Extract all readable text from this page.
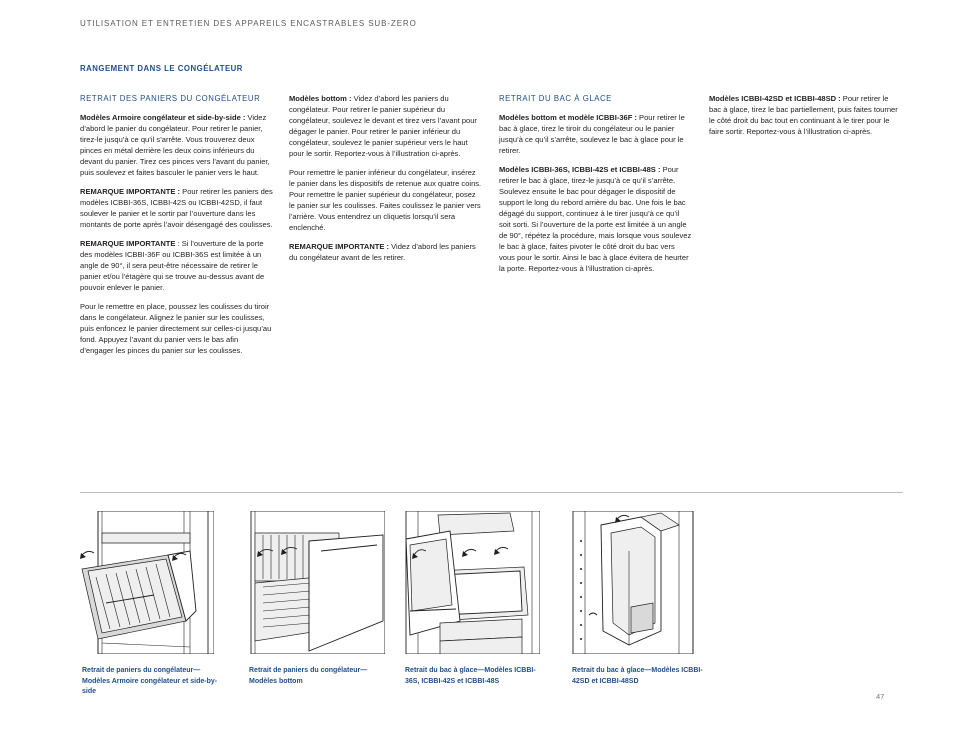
UTILISATION ET ENTRETIEN DES APPAREILS ENCASTRABLES SUB-ZERO
RANGEMENT DANS LE CONGÉLATEUR

RETRAIT DES PANIERS DU CONGÉLATEUR

Modèles Armoire congélateur et side-by-side : Videz d’abord le panier du congélateur. Pour retirer le panier, tirez-le jusqu’à ce qu’il s’arrête. Vous trouverez deux pinces en métal derrière les deux coins inférieurs du devant du panier. Tirez ces pinces vers l’avant du panier, puis soulevez et faites basculer le panier vers le haut.

REMARQUE IMPORTANTE : Pour retirer les paniers des modèles ICBBI-36S, ICBBI-42S ou ICBBI-42SD, il faut soulever le panier et le sortir par l’ouverture dans les montants de porte après l’avoir désengagé des coulisses.

REMARQUE IMPORTANTE : Si l’ouverture de la porte des modèles ICBBI-36F ou ICBBI-36S est limitée à un angle de 90°, il sera peut-être nécessaire de retirer le panier et/ou l’étagère qui se trouve au-dessus avant de pouvoir enlever le panier.

Pour le remettre en place, poussez les coulisses du tiroir dans le congélateur. Alignez le panier sur les coulisses, puis enfoncez le panier directement sur celles-ci jusqu’au fond. Appuyez l’avant du panier vers le bas afin d’engager les pinces du panier sur les coulisses.

Modèles bottom : Videz d’abord les paniers du congélateur. Pour retirer le panier supérieur du congélateur, soulevez le devant et tirez vers l’avant pour dégager le panier. Pour retirer le panier inférieur du congélateur, soulevez le panier supérieur vers le haut pour le sortir. Reportez-vous à l’illustration ci-après.

Pour remettre le panier inférieur du congélateur, insérez le panier dans les dispositifs de retenue aux quatre coins. Pour remettre le panier supérieur du congélateur, posez le panier sur les coulisses. Faites coulissez le panier vers l’arrière. Vous entendrez un cliquetis lorsqu’il sera enclenché.

REMARQUE IMPORTANTE : Videz d’abord les paniers du congélateur avant de les retirer.

RETRAIT DU BAC À GLACE

Modèles bottom et modèle ICBBI-36F : Pour retirer le bac à glace, tirez le tiroir du congélateur ou le panier jusqu’à ce qu’il s’arrête, soulevez le bac à glace pour le retirer.

Modèles ICBBI-36S, ICBBI-42S et ICBBI-48S : Pour retirer le bac à glace, tirez-le jusqu’à ce qu’il s’arrête. Soulevez ensuite le bac pour dégager le dispositif de support le long du rebord arrière du bac. Une fois le bac dégagé du support, continuez à le tirer jusqu’à ce qu’il soit sorti. Si l’ouverture de la porte est limitée à un angle de 90°, répétez la procédure, mais lorsque vous soulevez le bac à glace, faites pivoter le côté droit du bac vers vous pour le sortir. Ainsi le bac à glace évitera de heurter la porte. Reportez-vous à l’illustration ci-après.

Modèles ICBBI-42SD et ICBBI-48SD : Pour retirer le bac à glace, tirez le bac partiellement, puis faites tourner le côté droit du bac tout en continuant à le tirer pour le faire sortir. Reportez-vous à l’illustration ci-après.

Retrait de paniers du congélateur—Modèles Armoire congélateur et side-by-side
Retrait de paniers du congélateur—Modèles bottom
Retrait du bac à glace—Modèles ICBBI-36S, ICBBI-42S et ICBBI-48S
Retrait du bac à glace—Modèles ICBBI-42SD et ICBBI-48SD
47
